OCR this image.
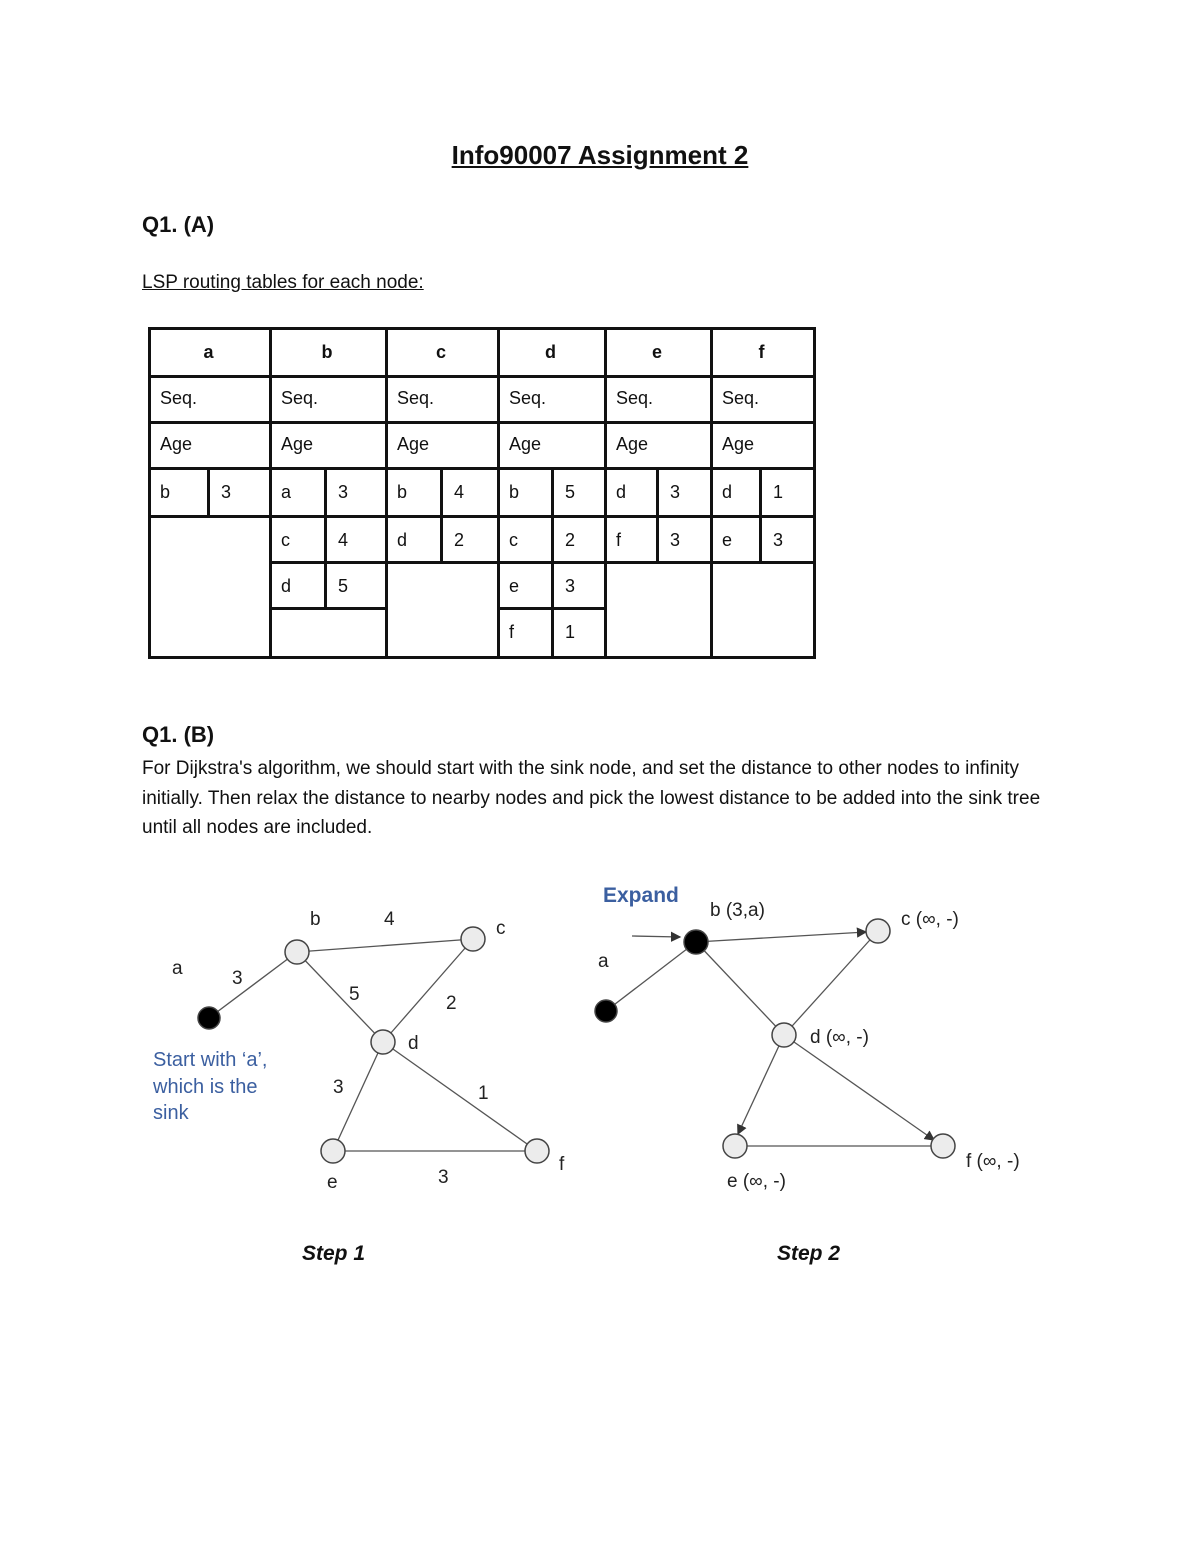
Info90007 Assignment 2
Q1. (A)
LSP routing tables for each node:
a
Seq.
Age
b	3
b
Seq.
Age
a	3
c	4
d	5
c
Seq.
Age
b	4
d	2
d
Seq.
Age
b	5
c	2
e	3
f	1
e
Seq.
Age
d 3
f	3
f
Seq.
Age
d 1
e 3
Q1. (B)
For Dijkstra's algorithm, we should start with the sink node, and set the distance to other nodes to infinity initially. Then relax the distance to nearby nodes and pick the lowest distance to be added into the sink tree until all nodes are included.
a
b	c
d
e
f
3
4
5	2
3	1
3
Start with ‘a’,
which is the
sink
Expand
a
b (3,a)	c (∞, -)
d (∞, -)
e (∞, -)
f (∞, -)
Step 1	Step 2
